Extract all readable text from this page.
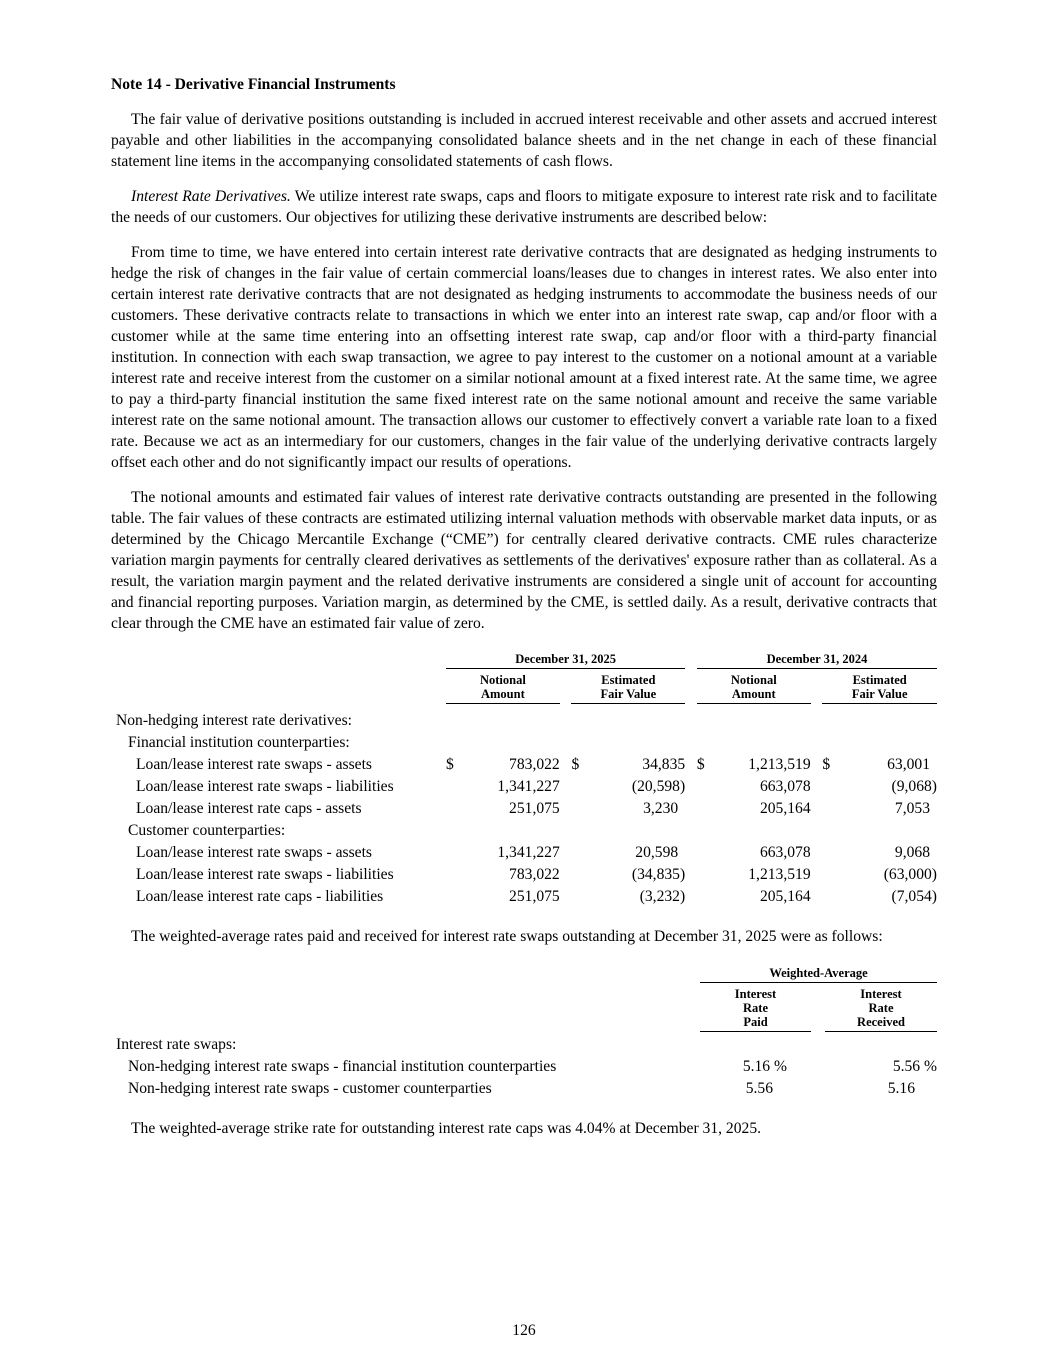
Note 14 - Derivative Financial Instruments

The fair value of derivative positions outstanding is included in accrued interest receivable and other assets and accrued interest payable and other liabilities in the accompanying consolidated balance sheets and in the net change in each of these financial statement line items in the accompanying consolidated statements of cash flows.

Interest Rate Derivatives. We utilize interest rate swaps, caps and floors to mitigate exposure to interest rate risk and to facilitate the needs of our customers. Our objectives for utilizing these derivative instruments are described below:

From time to time, we have entered into certain interest rate derivative contracts that are designated as hedging instruments to hedge the risk of changes in the fair value of certain commercial loans/leases due to changes in interest rates. We also enter into certain interest rate derivative contracts that are not designated as hedging instruments to accommodate the business needs of our customers. These derivative contracts relate to transactions in which we enter into an interest rate swap, cap and/or floor with a customer while at the same time entering into an offsetting interest rate swap, cap and/or floor with a third-party financial institution. In connection with each swap transaction, we agree to pay interest to the customer on a notional amount at a variable interest rate and receive interest from the customer on a similar notional amount at a fixed interest rate. At the same time, we agree to pay a third-party financial institution the same fixed interest rate on the same notional amount and receive the same variable interest rate on the same notional amount. The transaction allows our customer to effectively convert a variable rate loan to a fixed rate. Because we act as an intermediary for our customers, changes in the fair value of the underlying derivative contracts largely offset each other and do not significantly impact our results of operations.

The notional amounts and estimated fair values of interest rate derivative contracts outstanding are presented in the following table. The fair values of these contracts are estimated utilizing internal valuation methods with observable market data inputs, or as determined by the Chicago Mercantile Exchange (“CME”) for centrally cleared derivative contracts. CME rules characterize variation margin payments for centrally cleared derivatives as settlements of the derivatives' exposure rather than as collateral. As a result, the variation margin payment and the related derivative instruments are considered a single unit of account for accounting and financial reporting purposes. Variation margin, as determined by the CME, is settled daily. As a result, derivative contracts that clear through the CME have an estimated fair value of zero.

	December 31, 2025						December 31, 2024				
	Notional Amount			Estimated Fair Value			Notional Amount			Estimated Fair Value	
Non-hedging interest rate derivatives:											
Financial institution counterparties:											
Loan/lease interest rate swaps - assets	$	783,022		$	34,835		$	1,213,519		$	63,001
Loan/lease interest rate swaps - liabilities		1,341,227			(20,598)			663,078			(9,068)
Loan/lease interest rate caps - assets		251,075			3,230			205,164			7,053
Customer counterparties:											
Loan/lease interest rate swaps - assets		1,341,227			20,598			663,078			9,068
Loan/lease interest rate swaps - liabilities		783,022			(34,835)			1,213,519			(63,000)
Loan/lease interest rate caps - liabilities		251,075			(3,232)			205,164			(7,054)

The weighted-average rates paid and received for interest rate swaps outstanding at December 31, 2025 were as follows:

	Weighted-Average		
	Interest Rate Paid		Interest Rate Received
Interest rate swaps:			
Non-hedging interest rate swaps - financial institution counterparties	5.16 %		5.56 %
Non-hedging interest rate swaps - customer counterparties	5.56		5.16

The weighted-average strike rate for outstanding interest rate caps was 4.04% at December 31, 2025.

126
